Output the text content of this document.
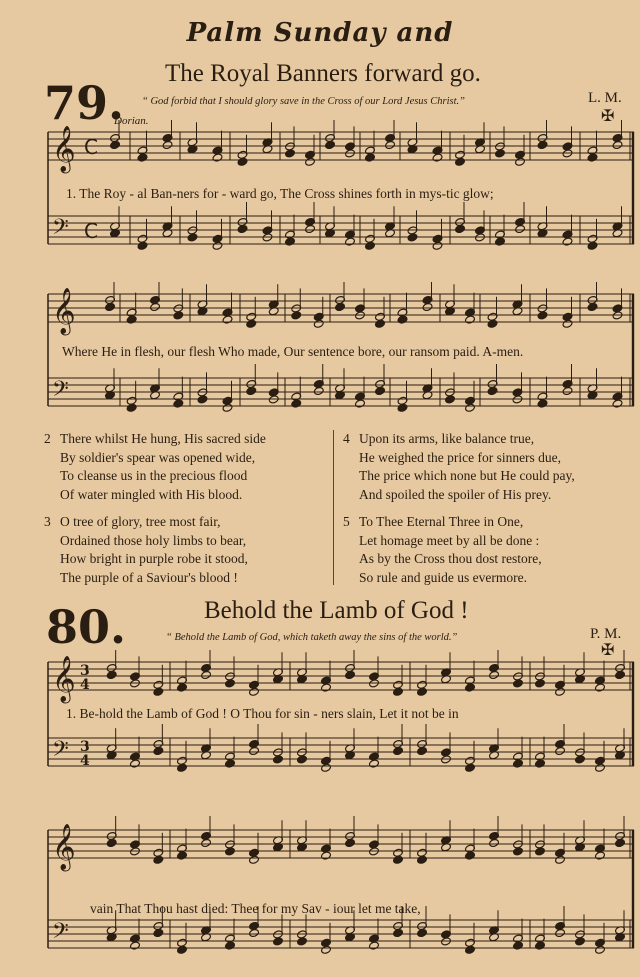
Palm Sunday and
79.
The Royal Banners forward go.
“ God forbid that I should glory save in the Cross of our Lord Jesus Christ.”	L. M.
✠
Dorian.
𝄞 C
𝄢 C
1. The Roy - al Ban-ners for - ward go, The Cross shines forth in mys-tic glow;
𝄞
𝄢
Where He in flesh, our flesh Who made, Our sentence bore, our ransom paid. A-men.
2 There whilst He hung, His sacred side
By soldier's spear was opened wide,
To cleanse us in the precious flood
Of water mingled with His blood.
3 O tree of glory, tree most fair,
Ordained those holy limbs to bear,
How bright in purple robe it stood,
The purple of a Saviour's blood !
4 Upon its arms, like balance true,
He weighed the price for sinners due,
The price which none but He could pay,
And spoiled the spoiler of His prey.
5 To Thee Eternal Three in One,
Let homage meet by all be done :
As by the Cross thou dost restore,
So rule and guide us evermore.
80.	Behold the Lamb of God !
“ Behold the Lamb of God, which taketh away the sins of the world.”	P. M.
✠
𝄞 3
4
𝄢 3
4
1. Be-hold the Lamb of God ! O Thou for sin - ners slain, Let it not be in
𝄞
𝄢
vain That Thou hast died: Thee for my Sav - iour let me take,
